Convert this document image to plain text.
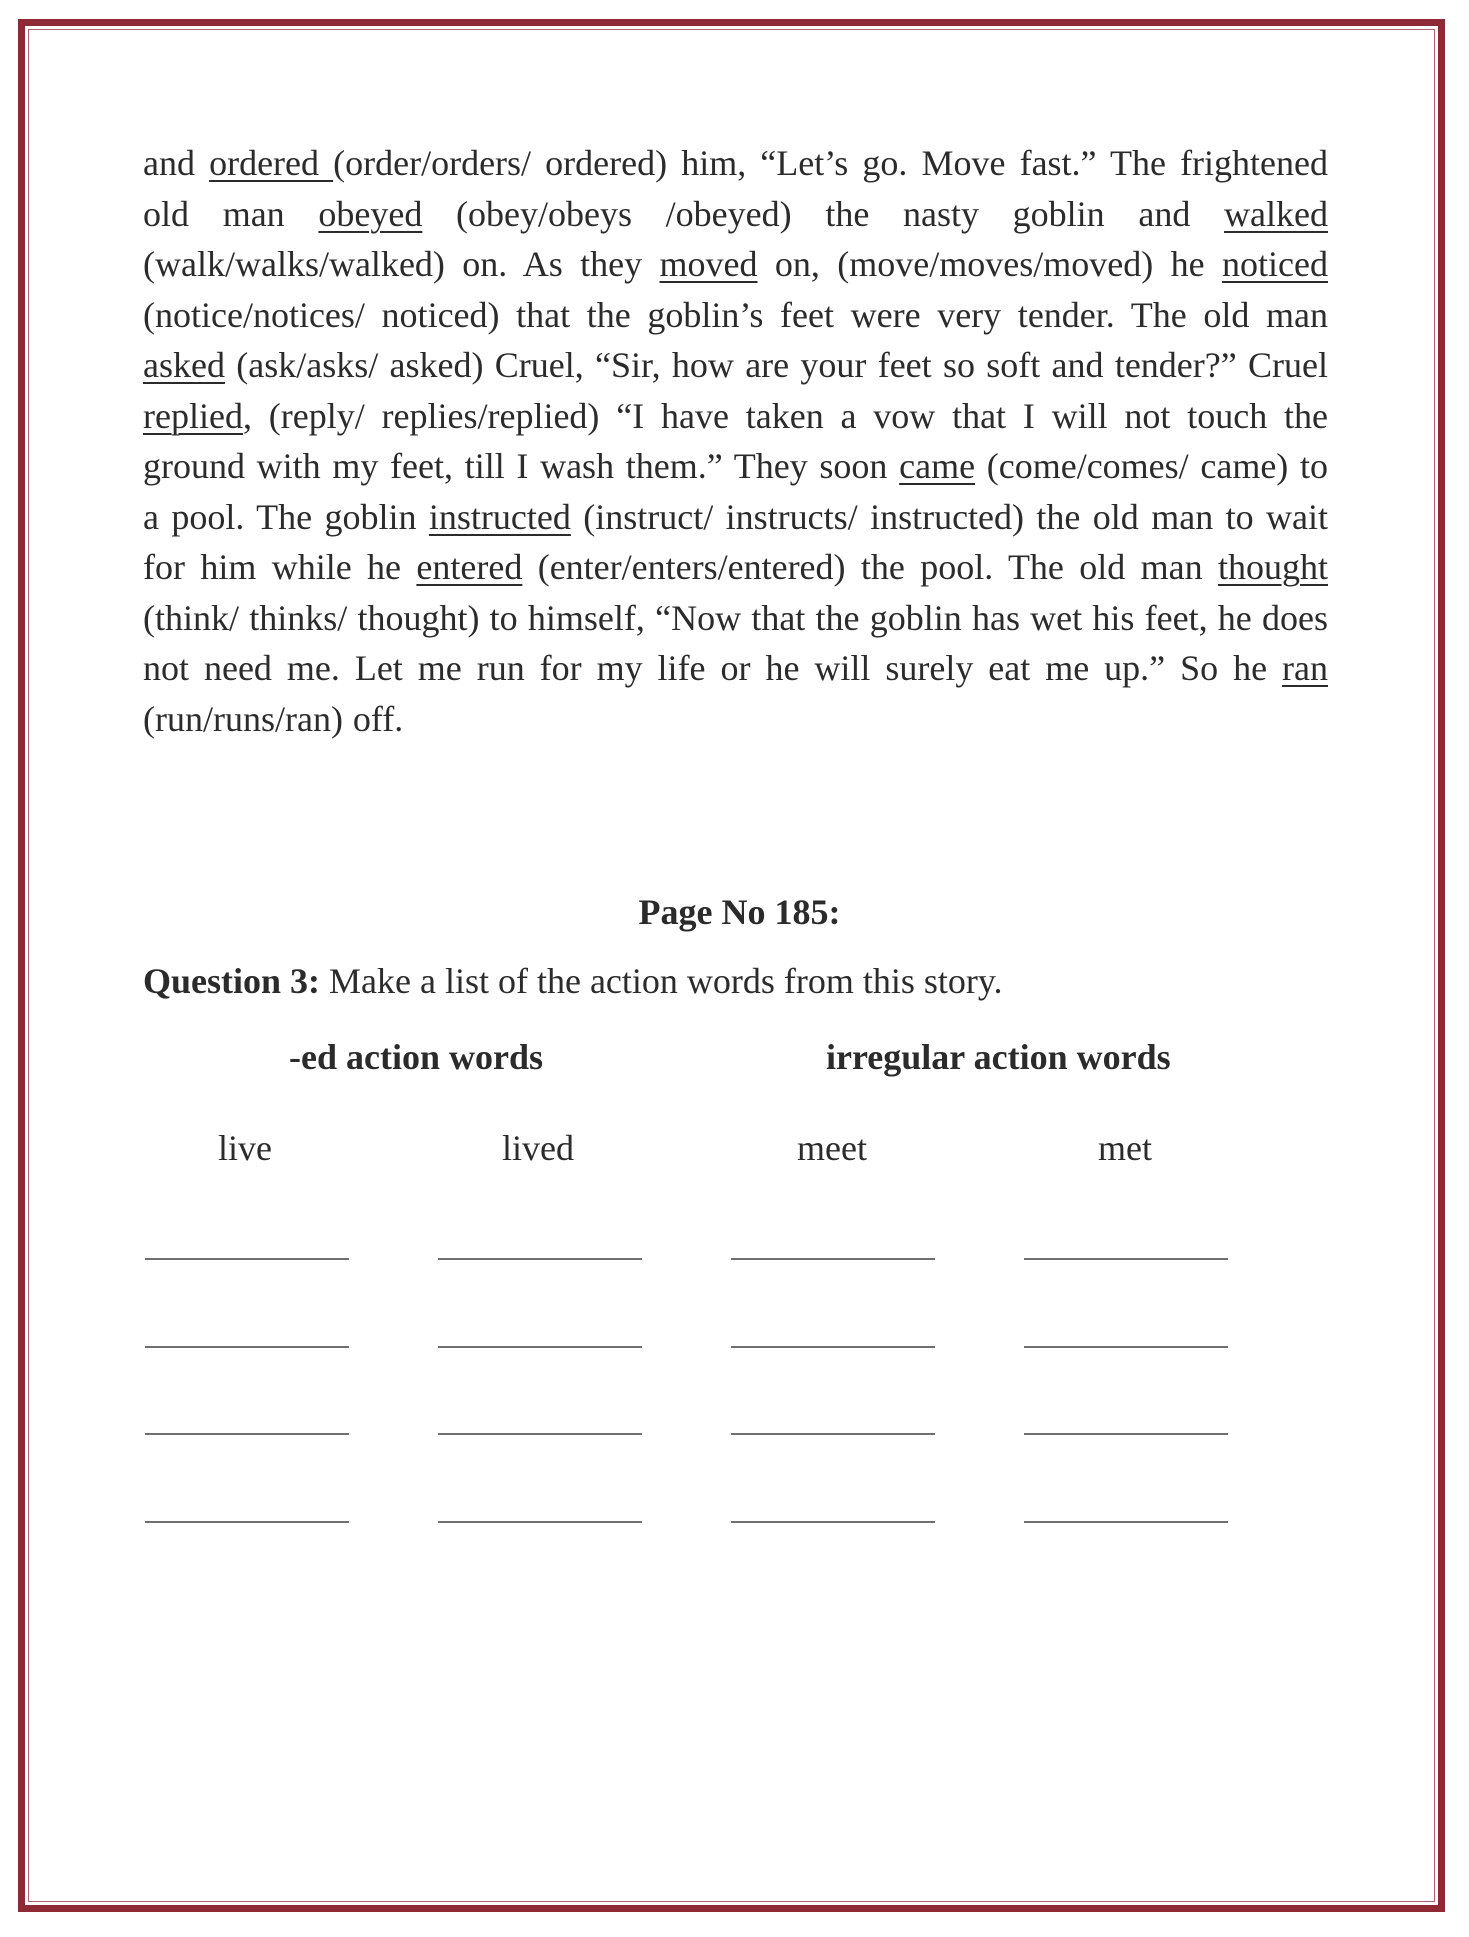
and ordered (order/orders/ ordered) him, “Let’s go. Move fast.” The frightened old man obeyed (obey/obeys /obeyed) the nasty goblin and walked (walk/walks/walked) on. As they moved on, (move/moves/moved) he noticed (notice/notices/ noticed) that the goblin’s feet were very tender. The old man asked (ask/asks/ asked) Cruel, “Sir, how are your feet so soft and tender?” Cruel replied, (reply/ replies/replied) “I have taken a vow that I will not touch the ground with my feet, till I wash them.” They soon came (come/comes/ came) to a pool. The goblin instructed (instruct/ instructs/ instructed) the old man to wait for him while he entered (enter/enters/entered) the pool. The old man thought (think/ thinks/ thought) to himself, “Now that the goblin has wet his feet, he does not need me. Let me run for my life or he will surely eat me up.” So he ran (run/runs/ran) off.

Page No 185:
Question 3: Make a list of the action words from this story.
-ed action words	irregular action words
live	lived	meet	met
